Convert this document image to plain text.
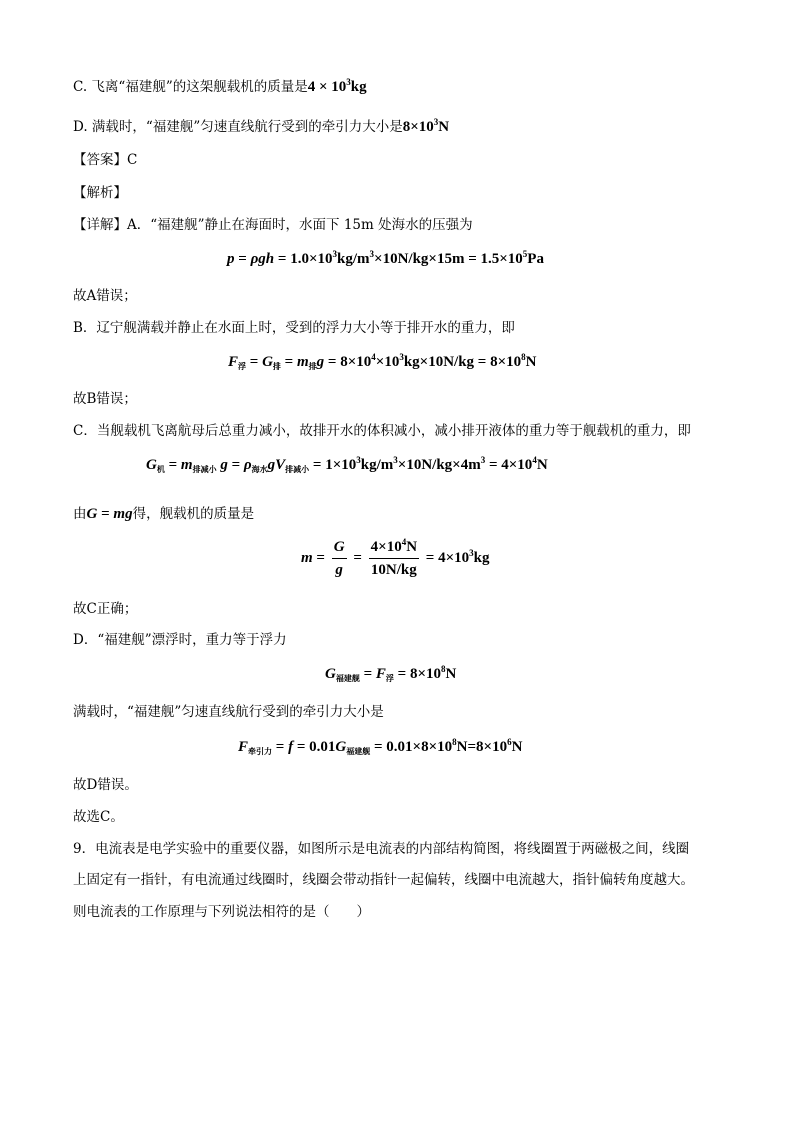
C. 飞离“福建舰”的这架舰载机的质量是$4 \times 10^3kg$
D. 满载时，“福建舰”匀速直线航行受到的牵引力大小是$8\times 10^3N$
【答案】C
【解析】
【详解】A．“福建舰”静止在海面时，水面下 15m 处海水的压强为
$p = \rho gh = 1.0\times 10^3kg/m^3\times 10N/kg\times 15m = 1.5\times 10^5Pa$
故A错误；
B．辽宁舰满载并静止在水面上时，受到的浮力大小等于排开水的重力，即
$F_浮 = G_排 = m_排g = 8\times 10^4\times 10^3kg\times 10N/kg = 8\times 10^8N$
故B错误；
C．当舰载机飞离航母后总重力减小，故排开水的体积减小，减小排开液体的重力等于舰载机的重力，即
$G_机 = m_{排减小}$ $g = \rho_{海水}gV_{排减小} = 1\times 10^3kg/m^3\times 10N/kg\times 4m^3 = 4\times 10^4N$
由G = mg得，舰载机的质量是
$m = \frac{G}{g} = \frac{4\times 10^4N}{10N/kg} = 4\times 10^3kg$
故C正确；
D．“福建舰”漂浮时，重力等于浮力
$G_{福建舰} = F_浮 = 8\times 10^8N$
满载时，“福建舰”匀速直线航行受到的牵引力大小是
$F_{牵引力} = f = 0.01G_{福建舰} = 0.01\times 8\times 10^8N=8\times 10^6N$
故D错误。
故选C。
9．电流表是电学实验中的重要仪器，如图所示是电流表的内部结构简图，将线圈置于两磁极之间，线圈
上固定有一指针，有电流通过线圈时，线圈会带动指针一起偏转，线圈中电流越大，指针偏转角度越大。
则电流表的工作原理与下列说法相符的是（　　）
